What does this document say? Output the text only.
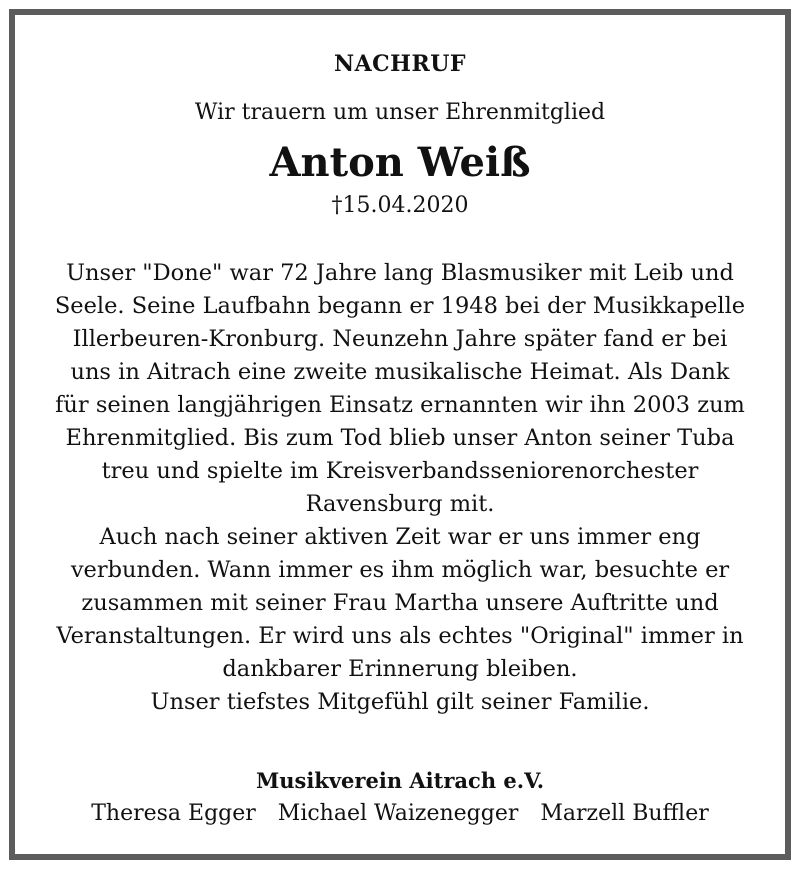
NACHRUF
Wir trauern um unser Ehrenmitglied
Anton Weiß
†15.04.2020
Unser "Done" war 72 Jahre lang Blasmusiker mit Leib und
Seele. Seine Laufbahn begann er 1948 bei der Musikkapelle
Illerbeuren-Kronburg. Neunzehn Jahre später fand er bei
uns in Aitrach eine zweite musikalische Heimat. Als Dank
für seinen langjährigen Einsatz ernannten wir ihn 2003 zum
Ehrenmitglied. Bis zum Tod blieb unser Anton seiner Tuba
treu und spielte im Kreisverbandsseniorenorchester
Ravensburg mit.
Auch nach seiner aktiven Zeit war er uns immer eng
verbunden. Wann immer es ihm möglich war, besuchte er
zusammen mit seiner Frau Martha unsere Auftritte und
Veranstaltungen. Er wird uns als echtes "Original" immer in
dankbarer Erinnerung bleiben.
Unser tiefstes Mitgefühl gilt seiner Familie.
Musikverein Aitrach e.V.
Theresa Egger Michael Waizenegger Marzell Buffler
